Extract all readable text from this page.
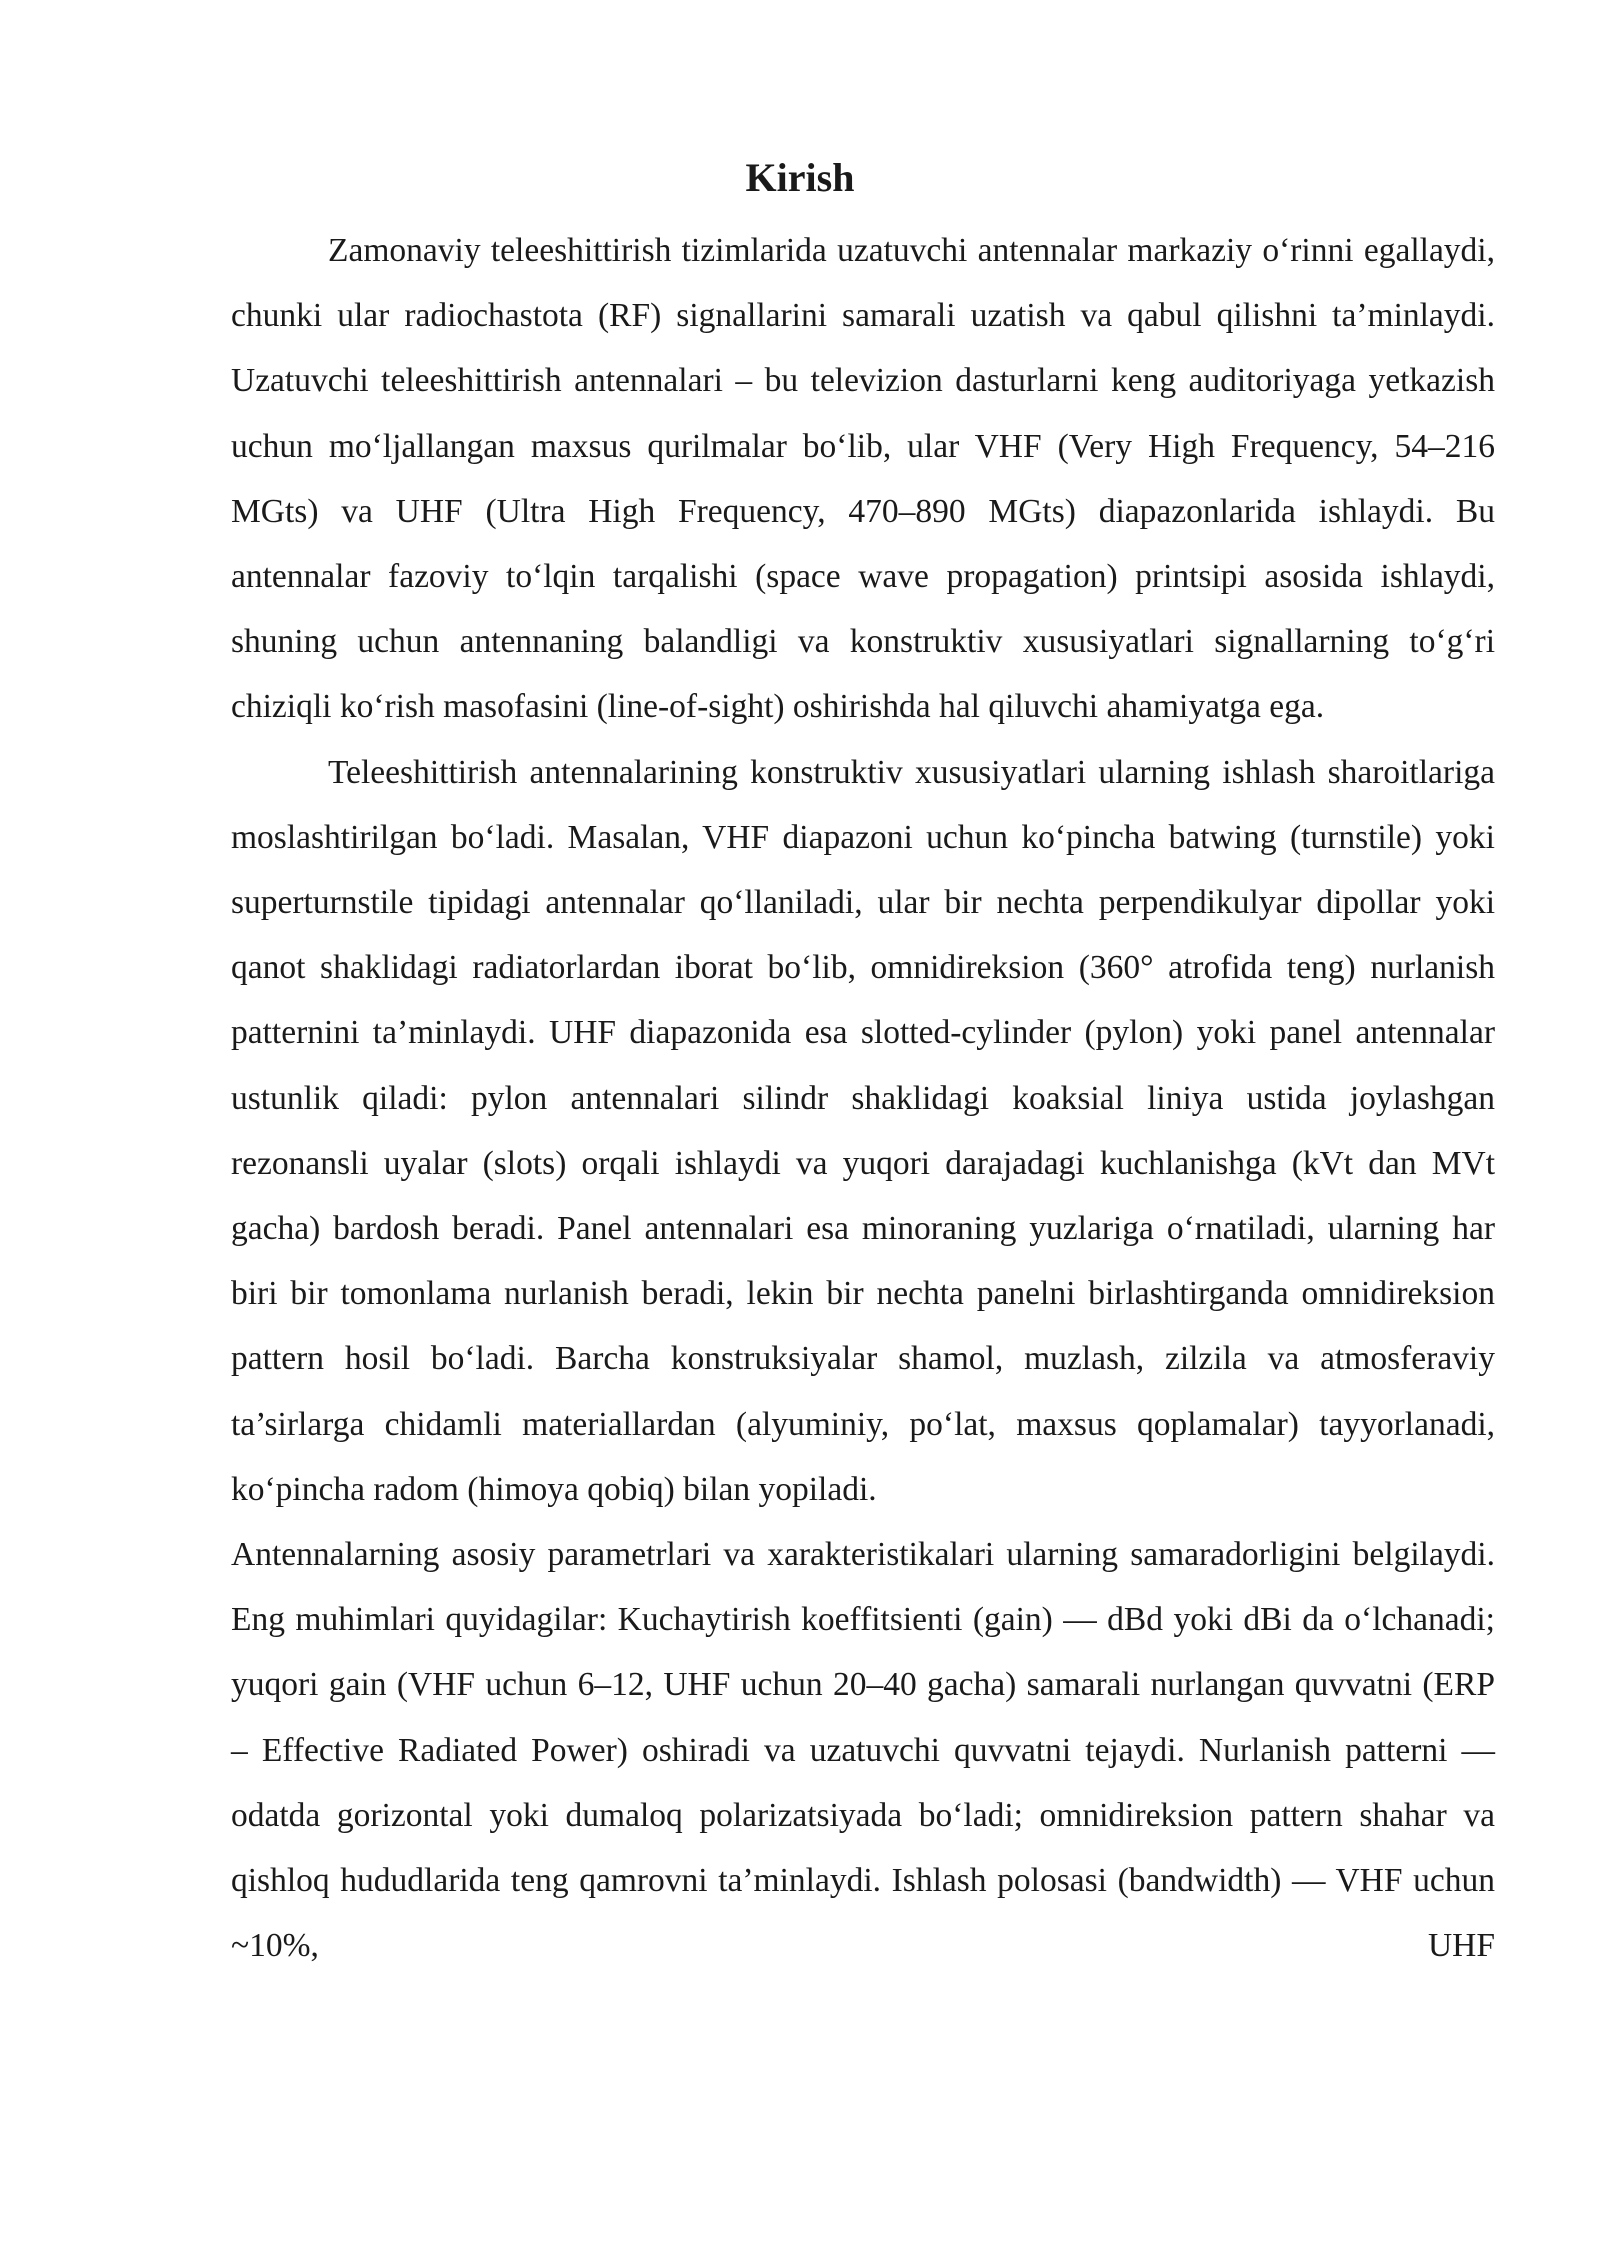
Kirish

Zamonaviy teleeshittirish tizimlarida uzatuvchi antennalar markaziy o‘rinni egallaydi, chunki ular radiochastota (RF) signallarini samarali uzatish va qabul qilishni ta’minlaydi. Uzatuvchi teleeshittirish antennalari – bu televizion dasturlarni keng auditoriyaga yetkazish uchun mo‘ljallangan maxsus qurilmalar bo‘lib, ular VHF (Very High Frequency, 54–216 MGts) va UHF (Ultra High Frequency, 470–890 MGts) diapazonlarida ishlaydi. Bu antennalar fazoviy to‘lqin tarqalishi (space wave propagation) printsipi asosida ishlaydi, shuning uchun antennaning balandligi va konstruktiv xususiyatlari signallarning to‘g‘ri chiziqli ko‘rish masofasini (line-of-sight) oshirishda hal qiluvchi ahamiyatga ega.

Teleeshittirish antennalarining konstruktiv xususiyatlari ularning ishlash sharoitlariga moslashtirilgan bo‘ladi. Masalan, VHF diapazoni uchun ko‘pincha batwing (turnstile) yoki superturnstile tipidagi antennalar qo‘llaniladi, ular bir nechta perpendikulyar dipollar yoki qanot shaklidagi radiatorlardan iborat bo‘lib, omnidireksion (360° atrofida teng) nurlanish patternini ta’minlaydi. UHF diapazonida esa slotted-cylinder (pylon) yoki panel antennalar ustunlik qiladi: pylon antennalari silindr shaklidagi koaksial liniya ustida joylashgan rezonansli uyalar (slots) orqali ishlaydi va yuqori darajadagi kuchlanishga (kVt dan MVt gacha) bardosh beradi. Panel antennalari esa minoraning yuzlariga o‘rnatiladi, ularning har biri bir tomonlama nurlanish beradi, lekin bir nechta panelni birlashtirganda omnidireksion pattern hosil bo‘ladi. Barcha konstruksiyalar shamol, muzlash, zilzila va atmosferaviy ta’sirlarga chidamli materiallardan (alyuminiy, po‘lat, maxsus qoplamalar) tayyorlanadi, ko‘pincha radom (himoya qobiq) bilan yopiladi.

Antennalarning asosiy parametrlari va xarakteristikalari ularning samaradorligini belgilaydi. Eng muhimlari quyidagilar: Kuchaytirish koeffitsienti (gain) — dBd yoki dBi da o‘lchanadi; yuqori gain (VHF uchun 6–12, UHF uchun 20–40 gacha) samarali nurlangan quvvatni (ERP – Effective Radiated Power) oshiradi va uzatuvchi quvvatni tejaydi. Nurlanish patterni — odatda gorizontal yoki dumaloq polarizatsiyada bo‘ladi; omnidireksion pattern shahar va qishloq hududlarida teng qamrovni ta’minlaydi. Ishlash polosasi (bandwidth) — VHF uchun ~10%, UHF
